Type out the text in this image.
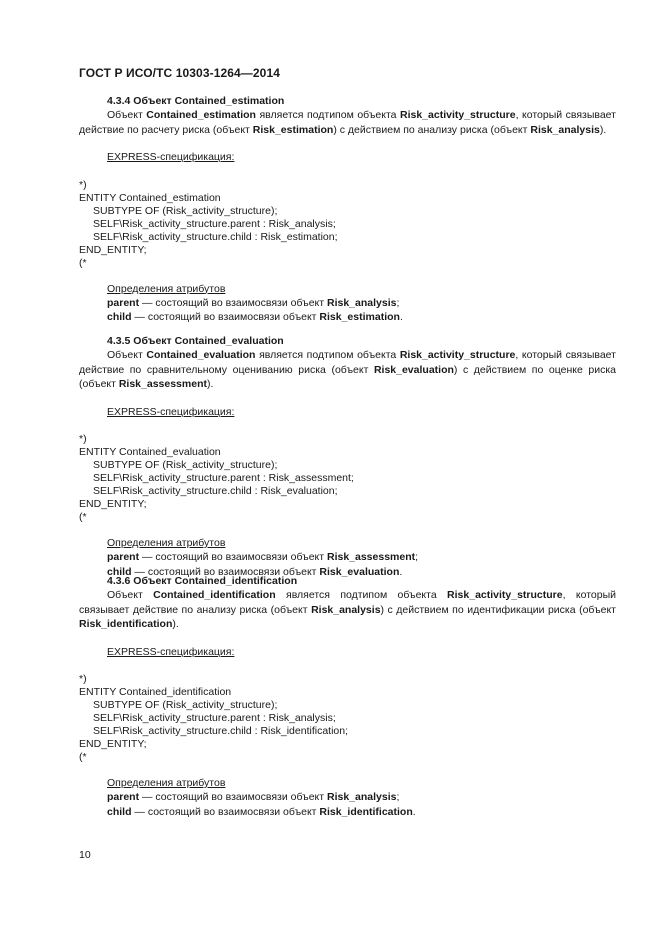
ГОСТ Р ИСО/ТС 10303-1264—2014
4.3.4 Объект Contained_estimation
Объект Contained_estimation является подтипом объекта Risk_activity_structure, который связывает действие по расчету риска (объект Risk_estimation) с действием по анализу риска (объект Risk_analysis).
EXPRESS-спецификация:
*)
ENTITY Contained_estimation
SUBTYPE OF (Risk_activity_structure);
SELF\Risk_activity_structure.parent : Risk_analysis;
SELF\Risk_activity_structure.child : Risk_estimation;
END_ENTITY;
(*
Определения атрибутов
parent — состоящий во взаимосвязи объект Risk_analysis;
child — состоящий во взаимосвязи объект Risk_estimation.
4.3.5 Объект Contained_evaluation
Объект Contained_evaluation является подтипом объекта Risk_activity_structure, который связывает действие по сравнительному оцениванию риска (объект Risk_evaluation) с действием по оценке риска (объект Risk_assessment).
EXPRESS-спецификация:
*)
ENTITY Contained_evaluation
SUBTYPE OF (Risk_activity_structure);
SELF\Risk_activity_structure.parent : Risk_assessment;
SELF\Risk_activity_structure.child : Risk_evaluation;
END_ENTITY;
(*
Определения атрибутов
parent — состоящий во взаимосвязи объект Risk_assessment;
child — состоящий во взаимосвязи объект Risk_evaluation.
4.3.6 Объект Contained_identification
Объект Contained_identification является подтипом объекта Risk_activity_structure, который связывает действие по анализу риска (объект Risk_analysis) с действием по идентификации риска (объект Risk_identification).
EXPRESS-спецификация:
*)
ENTITY Contained_identification
SUBTYPE OF (Risk_activity_structure);
SELF\Risk_activity_structure.parent : Risk_analysis;
SELF\Risk_activity_structure.child : Risk_identification;
END_ENTITY;
(*
Определения атрибутов
parent — состоящий во взаимосвязи объект Risk_analysis;
child — состоящий во взаимосвязи объект Risk_identification.
10
